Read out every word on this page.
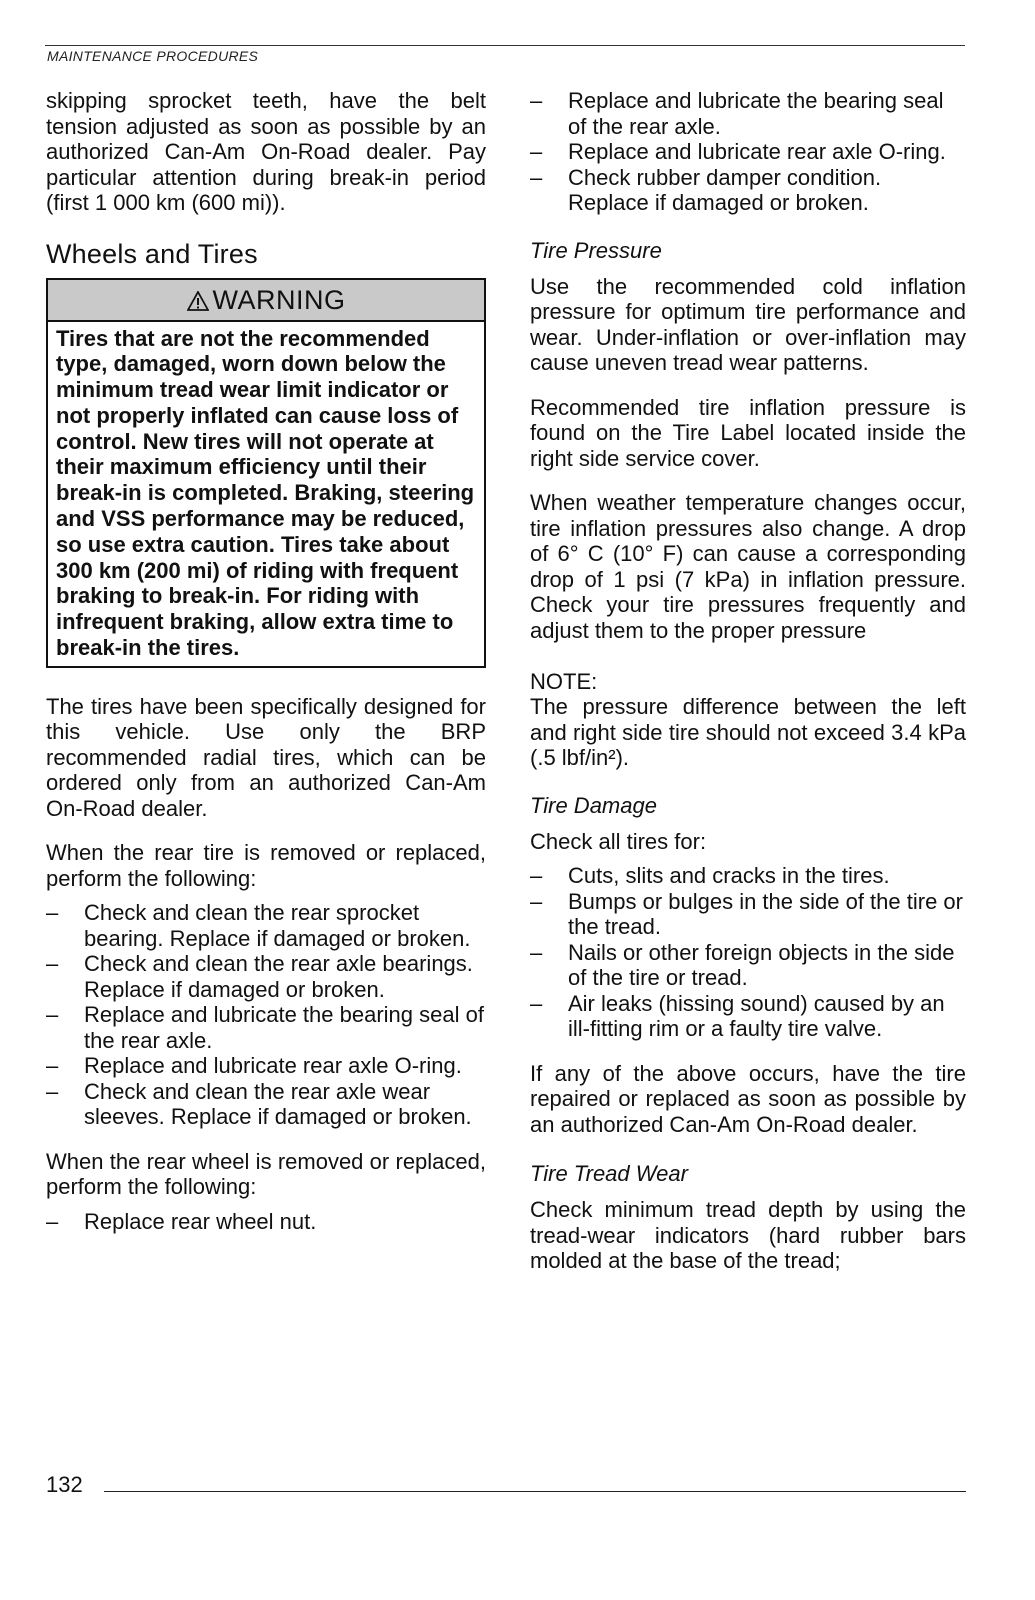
MAINTENANCE PROCEDURES

skipping sprocket teeth, have the belt tension adjusted as soon as possible by an authorized Can-Am On-Road dealer. Pay particular attention during break-in period (first 1 000 km (600 mi)).

Wheels and Tires
WARNING
Tires that are not the recommended type, damaged, worn down below the minimum tread wear limit indicator or not properly inflated can cause loss of control. New tires will not operate at their maximum efficiency until their break-in is completed. Braking, steering and VSS performance may be reduced, so use extra caution. Tires take about 300 km (200 mi) of riding with frequent braking to break-in. For riding with infrequent braking, allow extra time to break-in the tires.

The tires have been specifically designed for this vehicle. Use only the BRP recommended radial tires, which can be ordered only from an authorized Can-Am On-Road dealer.

When the rear tire is removed or replaced, perform the following:

– Check and clean the rear sprocket bearing. Replace if damaged or broken.
– Check and clean the rear axle bearings. Replace if damaged or broken.
– Replace and lubricate the bearing seal of the rear axle.
– Replace and lubricate rear axle O-ring.
– Check and clean the rear axle wear sleeves. Replace if damaged or broken.

When the rear wheel is removed or replaced, perform the following:

– Replace rear wheel nut.
– Replace and lubricate the bearing seal of the rear axle.
– Replace and lubricate rear axle O-ring.
– Check rubber damper condition. Replace if damaged or broken.
Tire Pressure

Use the recommended cold inflation pressure for optimum tire performance and wear. Under-inflation or over-inflation may cause uneven tread wear patterns.

Recommended tire inflation pressure is found on the Tire Label located inside the right side service cover.

When weather temperature changes occur, tire inflation pressures also change. A drop of 6° C (10° F) can cause a corresponding drop of 1 psi (7 kPa) in inflation pressure. Check your tire pressures frequently and adjust them to the proper pressure

NOTE:

The pressure difference between the left and right side tire should not exceed 3.4 kPa (.5 lbf/in²).

Tire Damage

Check all tires for:

– Cuts, slits and cracks in the tires.
– Bumps or bulges in the side of the tire or the tread.
– Nails or other foreign objects in the side of the tire or tread.
– Air leaks (hissing sound) caused by an ill-fitting rim or a faulty tire valve.

If any of the above occurs, have the tire repaired or replaced as soon as possible by an authorized Can-Am On-Road dealer.

Tire Tread Wear

Check minimum tread depth by using the tread-wear indicators (hard rubber bars molded at the base of the tread;

132
